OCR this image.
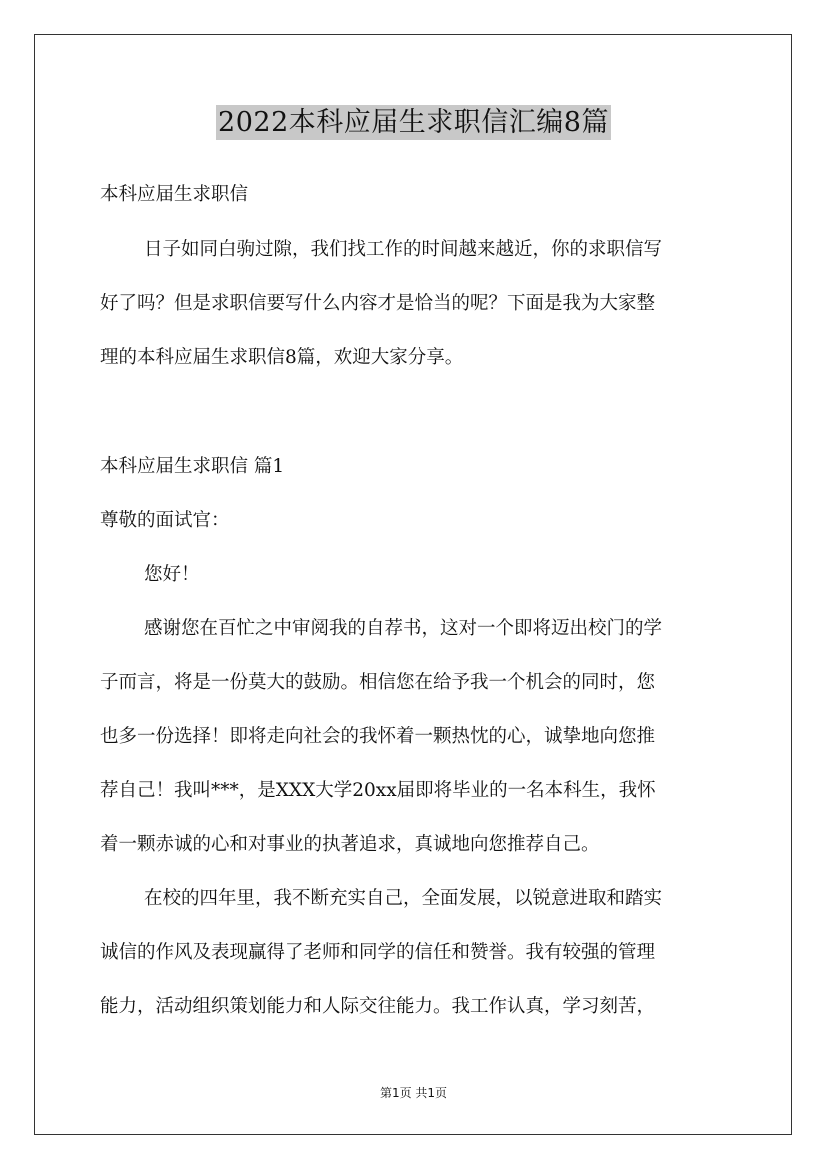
2022本科应届生求职信汇编8篇
本科应届生求职信
日子如同白驹过隙，我们找工作的时间越来越近，你的求职信写
好了吗？但是求职信要写什么内容才是恰当的呢？下面是我为大家整
理的本科应届生求职信8篇，欢迎大家分享。
本科应届生求职信 篇1
尊敬的面试官：
您好！
感谢您在百忙之中审阅我的自荐书，这对一个即将迈出校门的学
子而言，将是一份莫大的鼓励。相信您在给予我一个机会的同时，您
也多一份选择！即将走向社会的我怀着一颗热忱的心，诚挚地向您推
荐自己！我叫***，是XXX大学20xx届即将毕业的一名本科生，我怀
着一颗赤诚的心和对事业的执著追求，真诚地向您推荐自己。
在校的四年里，我不断充实自己，全面发展，以锐意进取和踏实
诚信的作风及表现赢得了老师和同学的信任和赞誉。我有较强的管理
能力，活动组织策划能力和人际交往能力。我工作认真，学习刻苦，
第1页 共1页
